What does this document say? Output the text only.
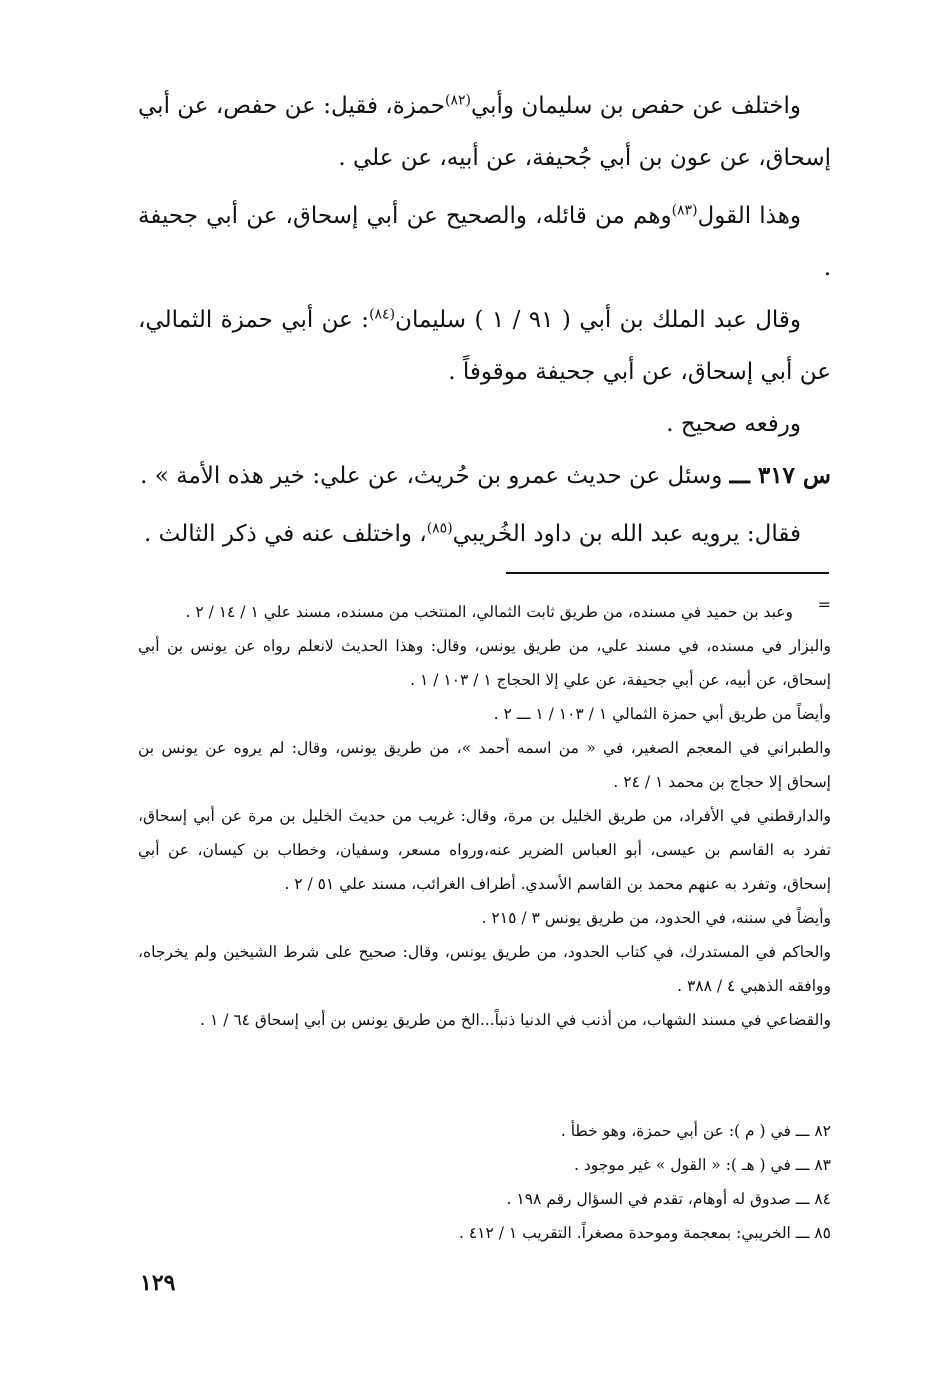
واختلف عن حفص بن سليمان وأبي$^{(٨٢)}$حمزة، فقيل: عن حفص، عن أبي إسحاق، عن عون بن أبي جُحيفة، عن أبيه، عن علي .

وهذا القول$^{(٨٣)}$وهم من قائله، والصحيح عن أبي إسحاق، عن أبي جحيفة .

وقال عبد الملك بن أبي ( ٩١ / ١ ) سليمان$^{(٨٤)}$: عن أبي حمزة الثمالي، عن أبي إسحاق، عن أبي جحيفة موقوفاً .

ورفعه صحيح .

س ٣١٧ ـــ وسئل عن حديث عمرو بن حُريث، عن علي: خير هذه الأمة » .

فقال: يرويه عبد الله بن داود الخُريبي$^{(٨٥)}$، واختلف عنه في ذكر الثالث .

=

وعبد بن حميد في مسنده، من طريق ثابت الثمالي، المنتخب من مسنده، مسند علي ١ / ١٤ / ٢ .

والبزار في مسنده، في مسند علي، من طريق يونس، وقال: وهذا الحديث لانعلم رواه عن يونس بن أبي إسحاق، عن أبيه، عن أبي جحيفة، عن علي إلا الحجاج ١ / ١٠٣ / ١ .

وأيضاً من طريق أبي حمزة الثمالي ١ / ١٠٣ / ١ ـــ ٢ .

والطبراني في المعجم الصغير، في « من اسمه أحمد »، من طريق يونس، وقال: لم يروه عن يونس بن إسحاق إلا حجاج بن محمد ١ / ٢٤ .

والدارقطني في الأفراد، من طريق الخليل بن مرة، وقال: غريب من حديث الخليل بن مرة عن أبي إسحاق، تفرد به القاسم بن عيسى، أبو العباس الضرير عنه،ورواه مسعر، وسفيان، وخطاب بن كيسان، عن أبي إسحاق، وتفرد به عنهم محمد بن القاسم الأسدي. أطراف الغرائب، مسند علي ٥١ / ٢ .

وأيضاً في سننه، في الحدود، من طريق يونس ٣ / ٢١٥ .

والحاكم في المستدرك، في كتاب الحدود، من طريق يونس، وقال: صحيح على شرط الشيخين ولم يخرجاه، ووافقه الذهبي ٤ / ٣٨٨ .

والقضاعي في مسند الشهاب، من أذنب في الدنيا ذنباً...الخ من طريق يونس بن أبي إسحاق ٦٤ / ١ .

٨٢ ـــ في ( م ): عن أبي حمزة، وهو خطأ .

٨٣ ـــ في ( هـ ): « القول » غير موجود .

٨٤ ـــ صدوق له أوهام، تقدم في السؤال رقم ١٩٨ .

٨٥ ـــ الخريبي: بمعجمة وموحدة مصغراً. التقريب ١ / ٤١٢ .

١٢٩
